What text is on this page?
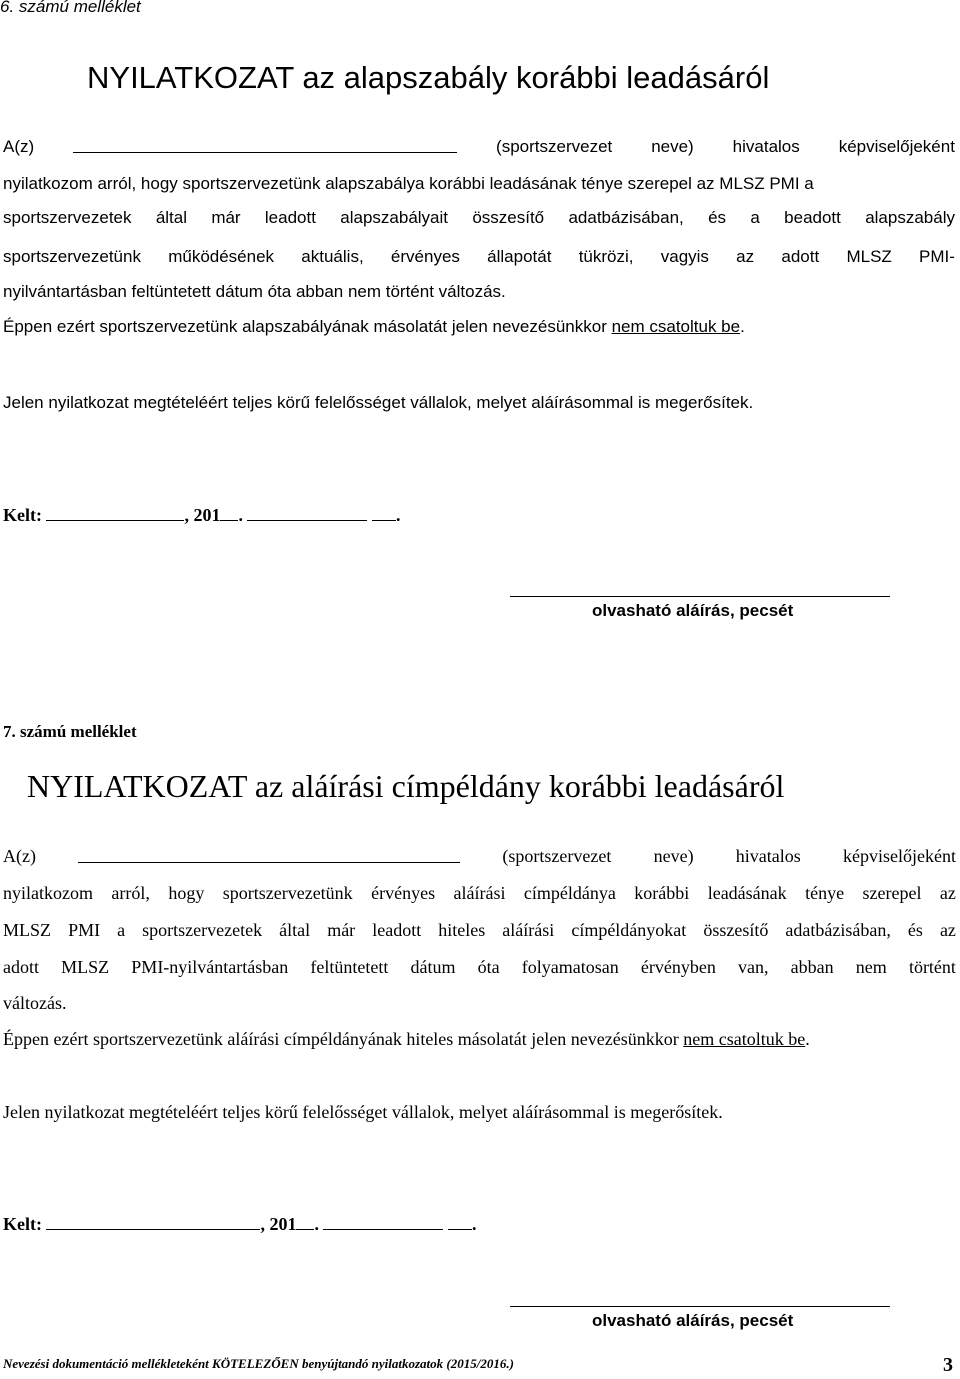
6. számú melléklet
NYILATKOZAT az alapszabály korábbi leadásáról
A(z)	(sportszervezet neve) hivatalos képviselőjeként
nyilatkozom arról, hogy sportszervezetünk alapszabálya korábbi leadásának ténye szerepel az MLSZ PMI a
sportszervezetek által már leadott alapszabályait összesítő adatbázisában, és a beadott alapszabály
sportszervezetünk működésének aktuális, érvényes állapotát tükrözi, vagyis az adott MLSZ PMI-
nyilvántartásban feltüntetett dátum óta abban nem történt változás.
Éppen ezért sportszervezetünk alapszabályának másolatát jelen nevezésünkkor nem csatoltuk be.
Jelen nyilatkozat megtételéért teljes körű felelősséget vállalok, melyet aláírásommal is megerősítek.
Kelt:	, 201 .	.
olvasható aláírás, pecsét
7. számú melléklet
NYILATKOZAT az aláírási címpéldány korábbi leadásáról
A(z)	(sportszervezet neve) hivatalos képviselőjeként
nyilatkozom arról, hogy sportszervezetünk érvényes aláírási címpéldánya korábbi leadásának ténye szerepel az
MLSZ PMI a sportszervezetek által már leadott hiteles aláírási címpéldányokat összesítő adatbázisában, és az
adott MLSZ PMI-nyilvántartásban feltüntetett dátum óta folyamatosan érvényben van, abban nem történt
változás.
Éppen ezért sportszervezetünk aláírási címpéldányának hiteles másolatát jelen nevezésünkkor nem csatoltuk be.
Jelen nyilatkozat megtételéért teljes körű felelősséget vállalok, melyet aláírásommal is megerősítek.
Kelt:	, 201 .	.
olvasható aláírás, pecsét
Nevezési dokumentáció mellékleteként KÖTELEZŐEN benyújtandó nyilatkozatok (2015/2016.)	3
